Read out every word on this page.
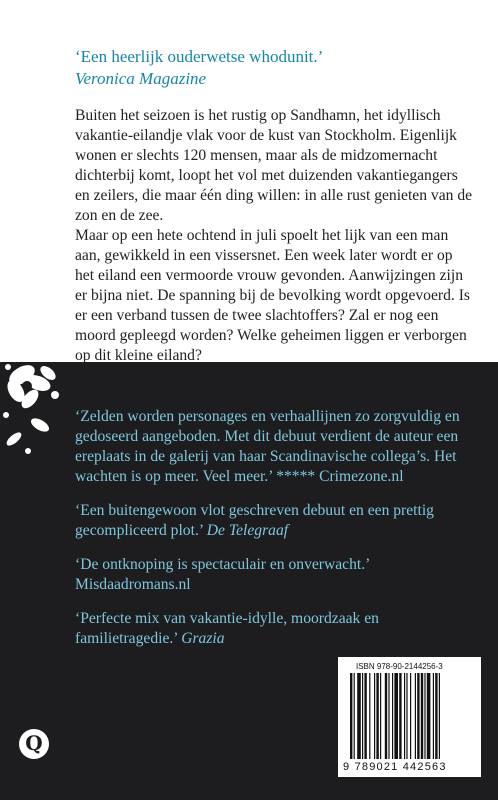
‘Een heerlijk ouderwetse whodunit.’
Veronica Magazine

Buiten het seizoen is het rustig op Sandhamn, het idyllisch vakantie-eilandje vlak voor de kust van Stockholm. Eigenlijk wonen er slechts 120 mensen, maar als de midzomernacht dichterbij komt, loopt het vol met duizenden vakantiegangers en zeilers, die maar één ding willen: in alle rust genieten van de zon en de zee.

Maar op een hete ochtend in juli spoelt het lijk van een man aan, gewikkeld in een vissersnet. Een week later wordt er op het eiland een vermoorde vrouw gevonden. Aanwijzingen zijn er bijna niet. De spanning bij de bevolking wordt opgevoerd. Is er een verband tussen de twee slachtoffers? Zal er nog een moord gepleegd worden? Welke geheimen liggen er verborgen op dit kleine eiland?

‘Zelden worden personages en verhaallijnen zo zorgvuldig en gedoseerd aangeboden. Met dit debuut verdient de auteur een ereplaats in de galerij van haar Scandinavische collega’s. Het wachten is op meer. Veel meer.’ ***** Crimezone.nl

‘Een buitengewoon vlot geschreven debuut en een prettig gecompliceerd plot.’ De Telegraaf

‘De ontknoping is spectaculair en onverwacht.’ Misdaadromans.nl

‘Perfecte mix van vakantie-idylle, moordzaak en familietragedie.’ Grazia

ISBN 978-90-2144256-3
9 789021 442563
Q
